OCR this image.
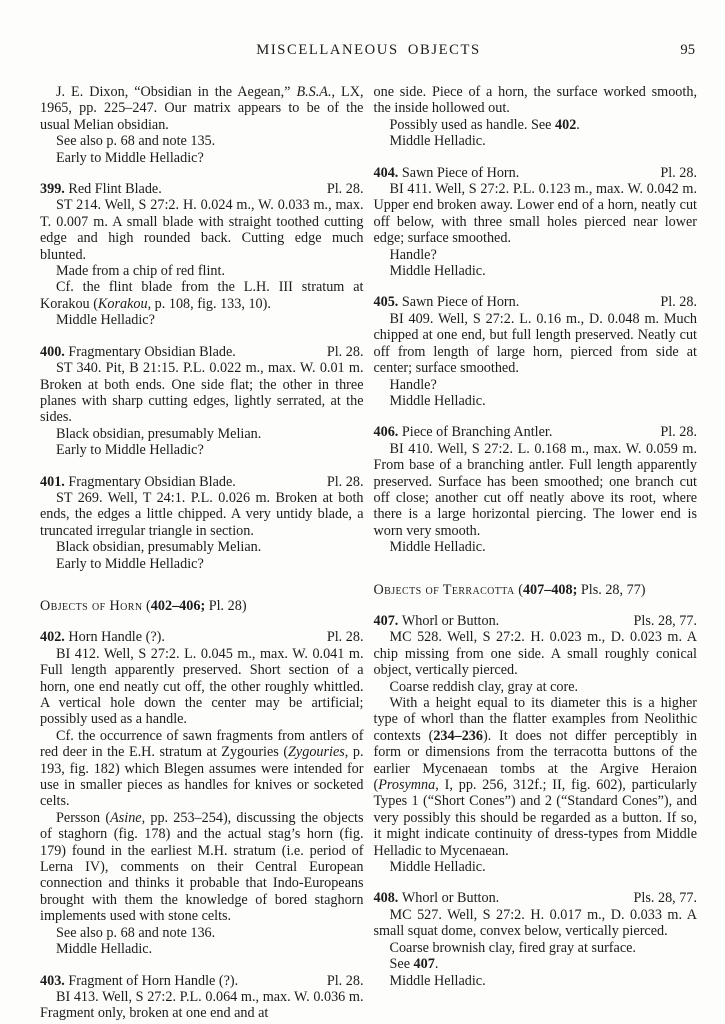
MISCELLANEOUS OBJECTS	95

J. E. Dixon, “Obsidian in the Aegean,” B.S.A., LX, 1965, pp. 225–247. Our matrix appears to be of the usual Melian obsidian.

See also p. 68 and note 135.

Early to Middle Helladic?

399. Red Flint Blade.	Pl. 28.

ST 214. Well, S 27:2. H. 0.024 m., W. 0.033 m., max. T. 0.007 m. A small blade with straight toothed cutting edge and high rounded back. Cutting edge much blunted.

Made from a chip of red flint.

Cf. the flint blade from the L.H. III stratum at Korakou (Korakou, p. 108, fig. 133, 10).

Middle Helladic?

400. Fragmentary Obsidian Blade.	Pl. 28.

ST 340. Pit, B 21:15. P.L. 0.022 m., max. W. 0.01 m. Broken at both ends. One side flat; the other in three planes with sharp cutting edges, lightly serrated, at the sides.

Black obsidian, presumably Melian.

Early to Middle Helladic?

401. Fragmentary Obsidian Blade.	Pl. 28.

ST 269. Well, T 24:1. P.L. 0.026 m. Broken at both ends, the edges a little chipped. A very untidy blade, a truncated irregular triangle in section.

Black obsidian, presumably Melian.

Early to Middle Helladic?

Objects of Horn (402–406; Pl. 28)
402. Horn Handle (?).	Pl. 28.

BI 412. Well, S 27:2. L. 0.045 m., max. W. 0.041 m. Full length apparently preserved. Short section of a horn, one end neatly cut off, the other roughly whittled. A vertical hole down the center may be artificial; possibly used as a handle.

Cf. the occurrence of sawn fragments from antlers of red deer in the E.H. stratum at Zygouries (Zygouries, p. 193, fig. 182) which Blegen assumes were intended for use in smaller pieces as handles for knives or socketed celts.

Persson (Asine, pp. 253–254), discussing the objects of staghorn (fig. 178) and the actual stag’s horn (fig. 179) found in the earliest M.H. stratum (i.e. period of Lerna IV), comments on their Central European connection and thinks it probable that Indo-Europeans brought with them the knowledge of bored staghorn implements used with stone celts.

See also p. 68 and note 136.

Middle Helladic.

403. Fragment of Horn Handle (?).	Pl. 28.

BI 413. Well, S 27:2. P.L. 0.064 m., max. W. 0.036 m. Fragment only, broken at one end and at

one side. Piece of a horn, the surface worked smooth, the inside hollowed out.

Possibly used as handle. See 402.

Middle Helladic.

404. Sawn Piece of Horn.	Pl. 28.

BI 411. Well, S 27:2. P.L. 0.123 m., max. W. 0.042 m. Upper end broken away. Lower end of a horn, neatly cut off below, with three small holes pierced near lower edge; surface smoothed.

Handle?

Middle Helladic.

405. Sawn Piece of Horn.	Pl. 28.

BI 409. Well, S 27:2. L. 0.16 m., D. 0.048 m. Much chipped at one end, but full length preserved. Neatly cut off from length of large horn, pierced from side at center; surface smoothed.

Handle?

Middle Helladic.

406. Piece of Branching Antler.	Pl. 28.

BI 410. Well, S 27:2. L. 0.168 m., max. W. 0.059 m. From base of a branching antler. Full length apparently preserved. Surface has been smoothed; one branch cut off close; another cut off neatly above its root, where there is a large horizontal piercing. The lower end is worn very smooth.

Middle Helladic.

Objects of Terracotta (407–408; Pls. 28, 77)
407. Whorl or Button.	Pls. 28, 77.

MC 528. Well, S 27:2. H. 0.023 m., D. 0.023 m. A chip missing from one side. A small roughly conical object, vertically pierced.

Coarse reddish clay, gray at core.

With a height equal to its diameter this is a higher type of whorl than the flatter examples from Neolithic contexts (234–236). It does not differ perceptibly in form or dimensions from the terracotta buttons of the earlier Mycenaean tombs at the Argive Heraion (Prosymna, I, pp. 256, 312f.; II, fig. 602), particularly Types 1 (“Short Cones”) and 2 (“Standard Cones”), and very possibly this should be regarded as a button. If so, it might indicate continuity of dress-types from Middle Helladic to Mycenaean.

Middle Helladic.

408. Whorl or Button.	Pls. 28, 77.

MC 527. Well, S 27:2. H. 0.017 m., D. 0.033 m. A small squat dome, convex below, vertically pierced.

Coarse brownish clay, fired gray at surface.

See 407.

Middle Helladic.
